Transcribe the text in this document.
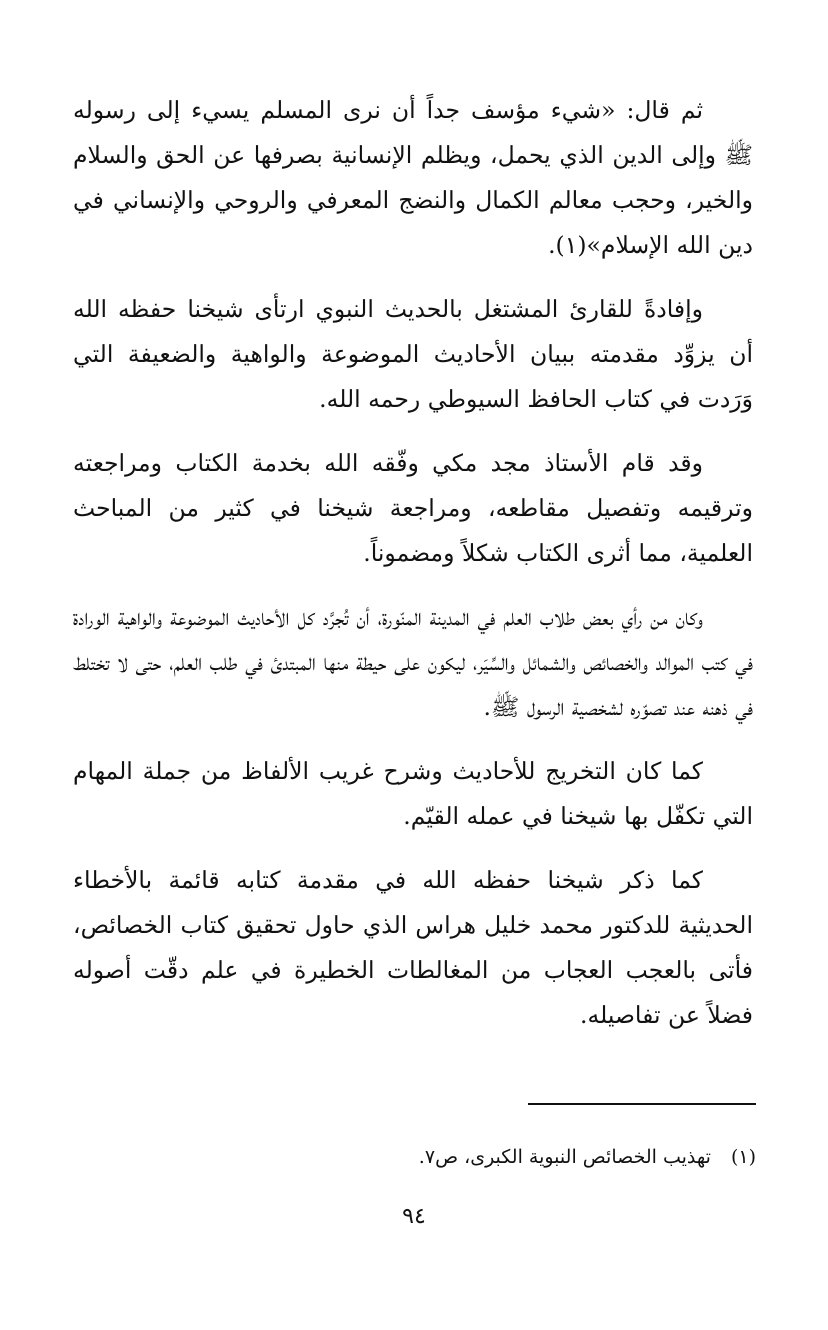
ثم قال: «شيء مؤسف جداً أن نرى المسلم يسيء إلى رسوله ﷺ وإلى الدين الذي يحمل، ويظلم الإنسانية بصرفها عن الحق والسلام والخير، وحجب معالم الكمال والنضج المعرفي والروحي والإنساني في دين الله الإسلام»(١).

وإفادةً للقارئ المشتغل بالحديث النبوي ارتأى شيخنا حفظه الله أن يزوِّد مقدمته ببيان الأحاديث الموضوعة والواهية والضعيفة التي وَرَدت في كتاب الحافظ السيوطي رحمه الله.

وقد قام الأستاذ مجد مكي وفّقه الله بخدمة الكتاب ومراجعته وترقيمه وتفصيل مقاطعه، ومراجعة شيخنا في كثير من المباحث العلمية، مما أثرى الكتاب شكلاً ومضموناً.

وكان من رأي بعض طلاب العلم في المدينة المنّورة، أن تُجرَّد كل الأحاديث الموضوعة والواهية الورادة في كتب الموالد والخصائص والشمائل والسِّيَر، ليكون على حيطة منها المبتدئ في طلب العلم، حتى لا تختلط في ذهنه عند تصوّره لشخصية الرسول ﷺ.

كما كان التخريج للأحاديث وشرح غريب الألفاظ من جملة المهام التي تكفّل بها شيخنا في عمله القيّم.

كما ذكر شيخنا حفظه الله في مقدمة كتابه قائمة بالأخطاء الحديثية للدكتور محمد خليل هراس الذي حاول تحقيق كتاب الخصائص، فأتى بالعجب العجاب من المغالطات الخطيرة في علم دقّت أصوله فضلاً عن تفاصيله.

(١)تهذيب الخصائص النبوية الكبرى، ص٧.
٩٤
